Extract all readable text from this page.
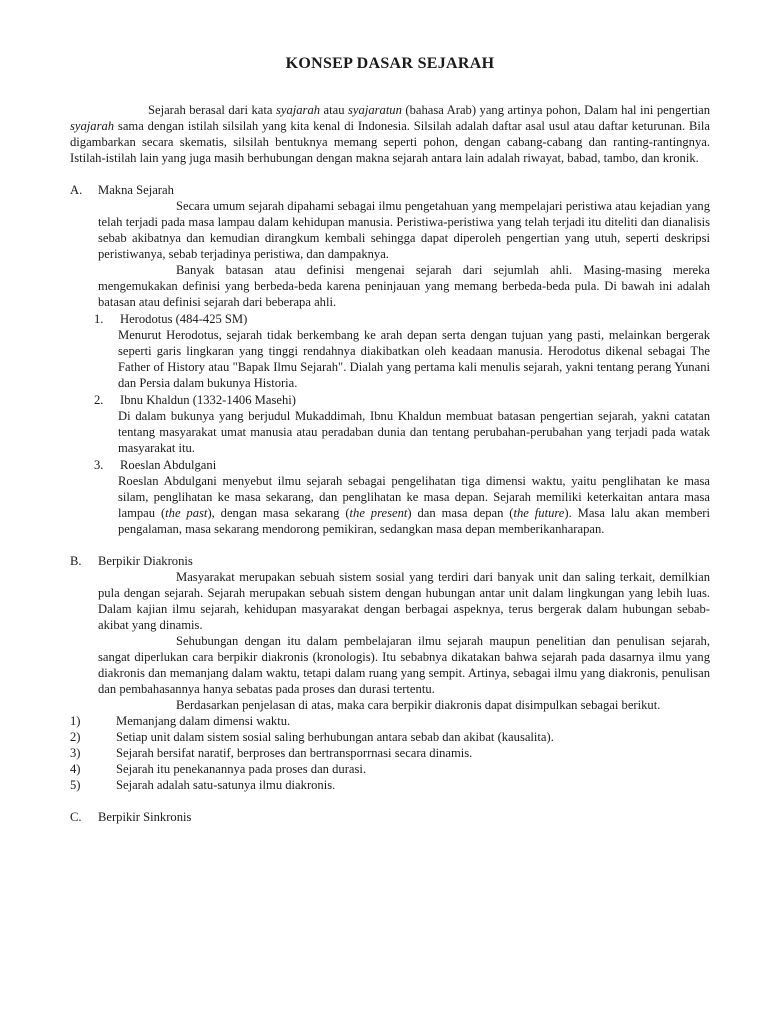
KONSEP DASAR SEJARAH

Sejarah berasal dari kata syajarah atau syajaratun (bahasa Arab) yang artinya pohon, Dalam hal ini pengertian syajarah sama dengan istilah silsilah yang kita kenal di Indonesia. Silsilah adalah daftar asal usul atau daftar keturunan. Bila digambarkan secara skematis, silsilah bentuknya memang seperti pohon, dengan cabang-cabang dan ranting-rantingnya. Istilah-istilah lain yang juga masih berhubungan dengan makna sejarah antara lain adalah riwayat, babad, tambo, dan kronik.

A.	Makna Sejarah

Secara umum sejarah dipahami sebagai ilmu pengetahuan yang mempelajari peristiwa atau kejadian yang telah terjadi pada masa lampau dalam kehidupan manusia. Peristiwa-peristiwa yang telah terjadi itu diteliti dan dianalisis sebab akibatnya dan kemudian dirangkum kembali sehingga dapat diperoleh pengertian yang utuh, seperti deskripsi peristiwanya, sebab terjadinya peristiwa, dan dampaknya.

Banyak batasan atau definisi mengenai sejarah dari sejumlah ahli. Masing-masing mereka mengemukakan definisi yang berbeda-beda karena peninjauan yang memang berbeda-beda pula. Di bawah ini adalah batasan atau definisi sejarah dari beberapa ahli.

1.	Herodotus (484-425 SM)

Menurut Herodotus, sejarah tidak berkembang ke arah depan serta dengan tujuan yang pasti, melainkan bergerak seperti garis lingkaran yang tinggi rendahnya diakibatkan oleh keadaan manusia. Herodotus dikenal sebagai The Father of History atau "Bapak Ilmu Sejarah". Dialah yang pertama kali menulis sejarah, yakni tentang perang Yunani dan Persia dalam bukunya Historia.

2.	Ibnu Khaldun (1332-1406 Masehi)

Di dalam bukunya yang berjudul Mukaddimah, Ibnu Khaldun membuat batasan pengertian sejarah, yakni catatan tentang masyarakat umat manusia atau peradaban dunia dan tentang perubahan-perubahan yang terjadi pada watak masyarakat itu.

3.	Roeslan Abdulgani

Roeslan Abdulgani menyebut ilmu sejarah sebagai pengelihatan tiga dimensi waktu, yaitu penglihatan ke masa silam, penglihatan ke masa sekarang, dan penglihatan ke masa depan. Sejarah memiliki keterkaitan antara masa lampau (the past), dengan masa sekarang (the present) dan masa depan (the future). Masa lalu akan memberi pengalaman, masa sekarang mendorong pemikiran, sedangkan masa depan memberikanharapan.

B.	Berpikir Diakronis

Masyarakat merupakan sebuah sistem sosial yang terdiri dari banyak unit dan saling terkait, demilkian pula dengan sejarah. Sejarah merupakan sebuah sistem dengan hubungan antar unit dalam lingkungan yang lebih luas. Dalam kajian ilmu sejarah, kehidupan masyarakat dengan berbagai aspeknya, terus bergerak dalam hubungan sebab-akibat yang dinamis.

Sehubungan dengan itu dalam pembelajaran ilmu sejarah maupun penelitian dan penulisan sejarah, sangat diperlukan cara berpikir diakronis (kronologis). Itu sebabnya dikatakan bahwa sejarah pada dasarnya ilmu yang diakronis dan memanjang dalam waktu, tetapi dalam ruang yang sempit. Artinya, sebagai ilmu yang diakronis, penulisan dan pembahasannya hanya sebatas pada proses dan durasi tertentu.

Berdasarkan penjelasan di atas, maka cara berpikir diakronis dapat disimpulkan sebagai berikut.

1)	Memanjang dalam dimensi waktu.
2)	Setiap unit dalam sistem sosial saling berhubungan antara sebab dan akibat (kausalita).
3)	Sejarah bersifat naratif, berproses dan bertransporrnasi secara dinamis.
4)	Sejarah itu penekanannya pada proses dan durasi.
5)	Sejarah adalah satu-satunya ilmu diakronis.
C.	Berpikir Sinkronis
